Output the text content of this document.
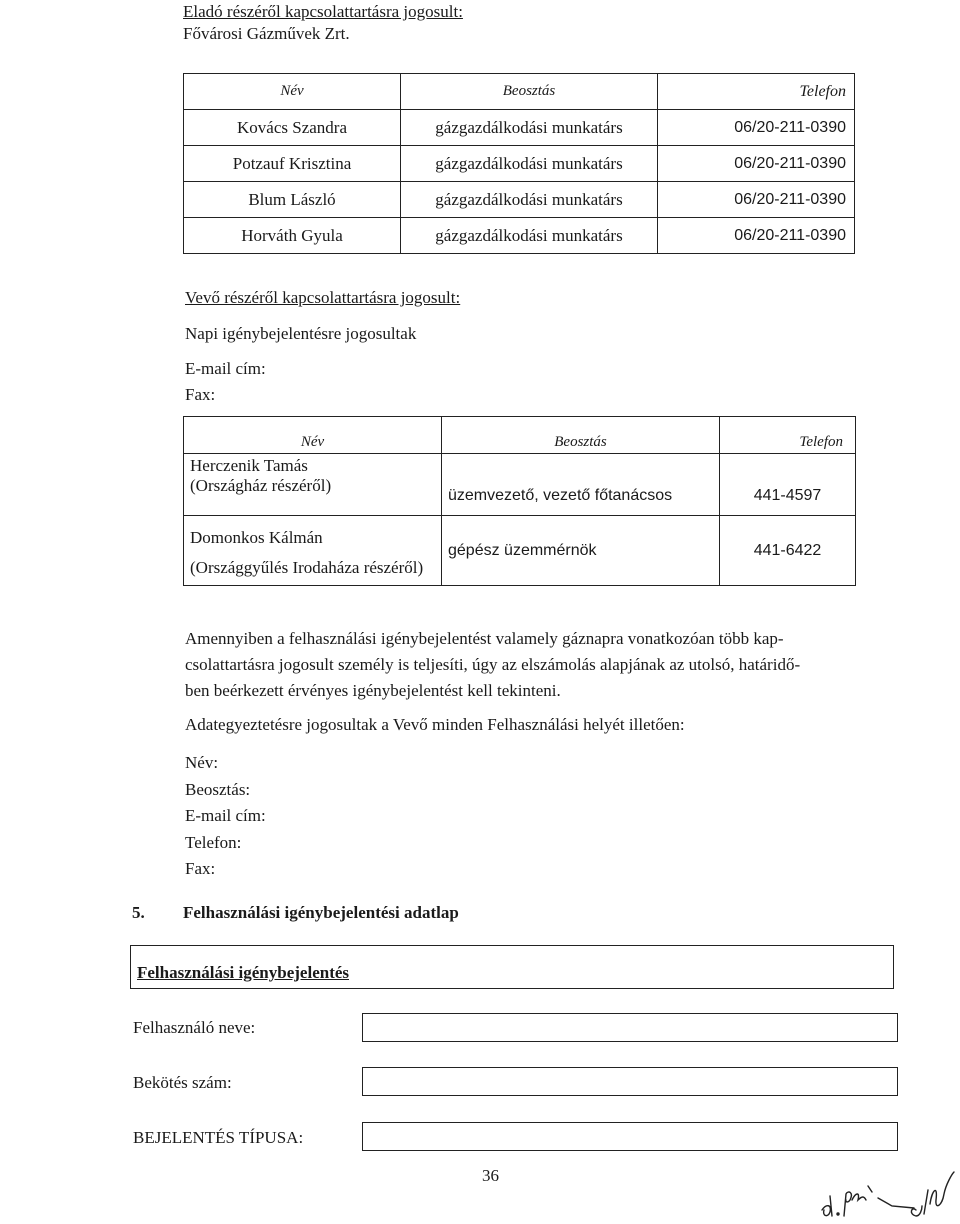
Eladó részéről kapcsolattartásra jogosult:
Fővárosi Gázművek Zrt.
Név	Beosztás	Telefon
Kovács Szandra	gázgazdálkodási munkatárs	06/20-211-0390
Potzauf Krisztina	gázgazdálkodási munkatárs	06/20-211-0390
Blum László	gázgazdálkodási munkatárs	06/20-211-0390
Horváth Gyula	gázgazdálkodási munkatárs	06/20-211-0390
Vevő részéről kapcsolattartásra jogosult:
Napi igénybejelentésre jogosultak
E-mail cím:
Fax:
Név	Beosztás	Telefon

Herczenik Tamás
(Országház részéről)	üzemvezető, vezető főtanácsos	441-4597

Domonkos Kálmán
(Országgyűlés Irodaháza részéről)	gépész üzemmérnök	441-6422
Amennyiben a felhasználási igénybejelentést valamely gáznapra vonatkozóan több kap-
csolattartásra jogosult személy is teljesíti, úgy az elszámolás alapjának az utolsó, határidő-
ben beérkezett érvényes igénybejelentést kell tekinteni.
Adategyeztetésre jogosultak a Vevő minden Felhasználási helyét illetően:
Név:
Beosztás:
E-mail cím:
Telefon:
Fax:
5. Felhasználási igénybejelentési adatlap
Felhasználási igénybejelentés
Felhasználó neve:
Bekötés szám:
BEJELENTÉS TÍPUSA:
36
